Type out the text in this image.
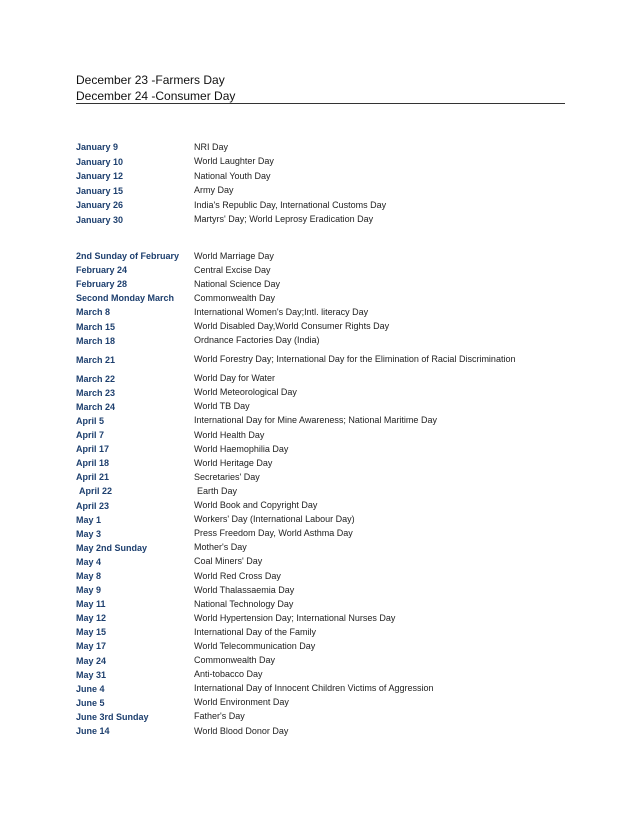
December 23 -Farmers Day
December 24 -Consumer Day
January 9	NRI Day
January 10	World Laughter Day
January 12	National Youth Day
January 15	Army Day
January 26	India's Republic Day, International Customs Day
January 30	Martyrs' Day; World Leprosy Eradication Day
2nd Sunday of February	World Marriage Day
February 24	Central Excise Day
February 28	National Science Day
Second Monday March	Commonwealth Day
March 8	International Women's Day;Intl. literacy Day
March 15	World Disabled Day,World Consumer Rights Day
March 18	Ordnance Factories Day (India)
March 21	World Forestry Day; International Day for the Elimination of Racial Discrimination
March 22	World Day for Water
March 23	World Meteorological Day
March 24	World TB Day
April 5	International Day for Mine Awareness; National Maritime Day
April 7	World Health Day
April 17	World Haemophilia Day
April 18	World Heritage Day
April 21	Secretaries' Day
April 22	Earth Day
April 23	World Book and Copyright Day
May 1	Workers' Day (International Labour Day)
May 3	Press Freedom Day, World Asthma Day
May 2nd Sunday	Mother's Day
May 4	Coal Miners' Day
May 8	World Red Cross Day
May 9	World Thalassaemia Day
May 11	National Technology Day
May 12	World Hypertension Day; International Nurses Day
May 15	International Day of the Family
May 17	World Telecommunication Day
May 24	Commonwealth Day
May 31	Anti-tobacco Day
June 4	International Day of Innocent Children Victims of Aggression
June 5	World Environment Day
June 3rd Sunday	Father's Day
June 14	World Blood Donor Day
